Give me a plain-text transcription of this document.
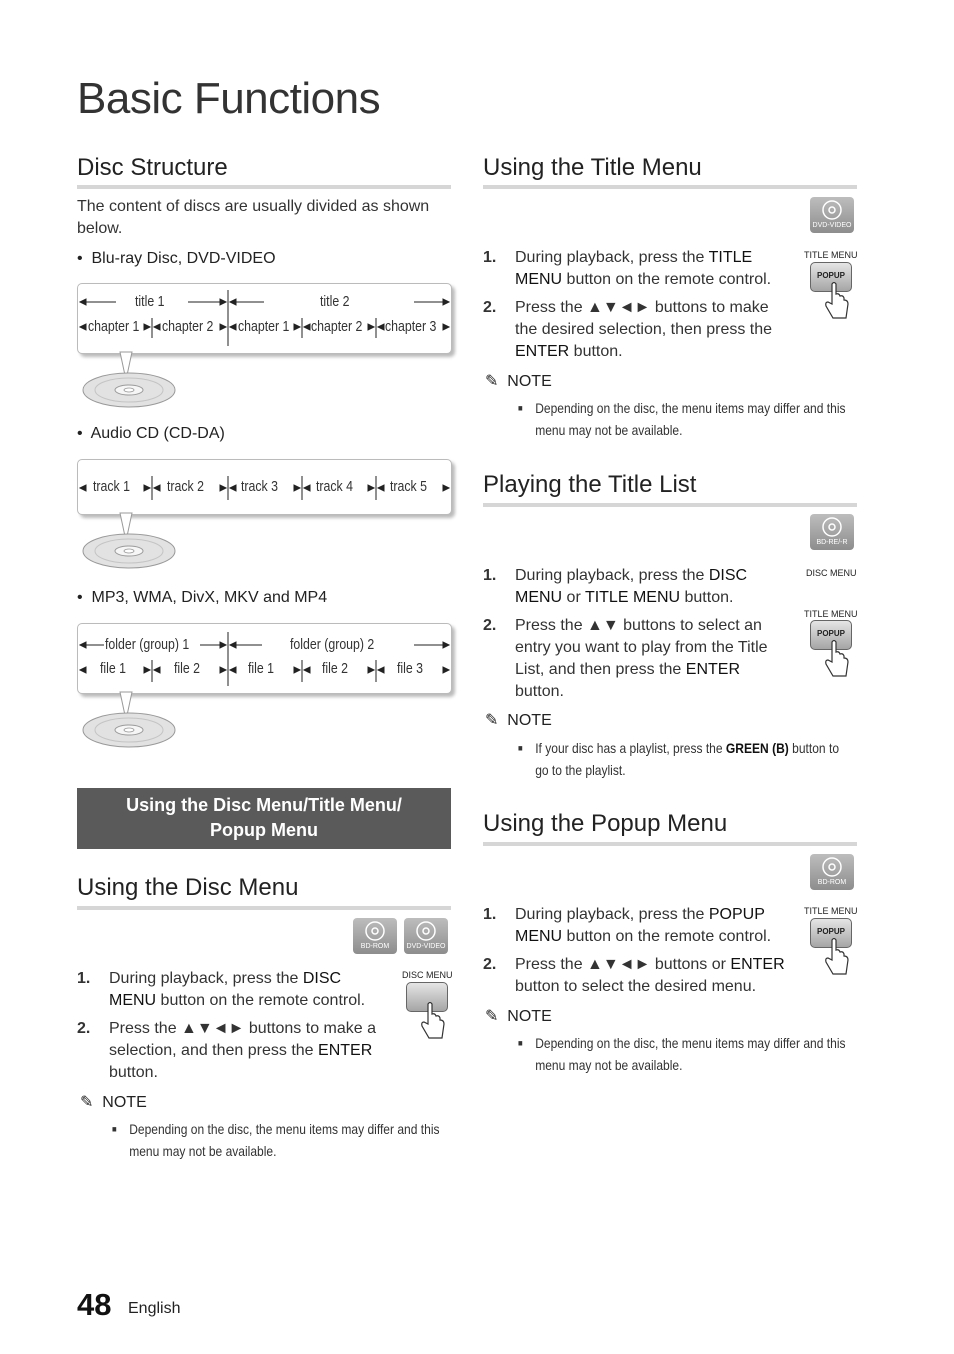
Basic Functions
Disc Structure
The content of discs are usually divided as shown below.
•  Blu-ray Disc, DVD-VIDEO
title 1	title 2
chapter 1 chapter 2 chapter 1 chapter 2 chapter 3
•  Audio CD (CD-DA)
track 1	track 2	track 3	track 4	track 5
•  MP3, WMA, DivX, MKV and MP4
folder (group) 1	folder (group) 2
file 1	file 2	file 1	file 2	file 3
Using the Disc Menu/Title Menu/
Popup Menu
Using the Disc Menu
BD-ROM	DVD-VIDEO
1. During playback, press the DISC
MENU button on the remote control.
2. Press the ▲▼◄► buttons to make a selection, and then press the ENTER button.
DISC MENU
✎ NOTE
■ Depending on the disc, the menu items may differ and this menu may not be available.
Using the Title Menu
DVD-VIDEO
1. During playback, press the TITLE
MENU button on the remote control.
2. Press the ▲▼◄► buttons to make the desired selection, then press the ENTER button.
TITLE MENU
POPUP
✎ NOTE
■ Depending on the disc, the menu items may differ and this menu may not be available.
Playing the Title List
BD-RE/-R
1. During playback, press the DISC
MENU or TITLE MENU button.
2. Press the ▲▼ buttons to select an entry you want to play from the Title List, and then press the ENTER button.
DISC MENU
TITLE MENU
POPUP
✎ NOTE
■ If your disc has a playlist, press the GREEN (B) button to go to the playlist.
Using the Popup Menu
BD-ROM
1. During playback, press the POPUP
MENU button on the remote control.
2. Press the ▲▼◄► buttons or ENTER button to select the desired menu.
TITLE MENU
POPUP
✎ NOTE
■ Depending on the disc, the menu items may differ and this menu may not be available.
48 English
